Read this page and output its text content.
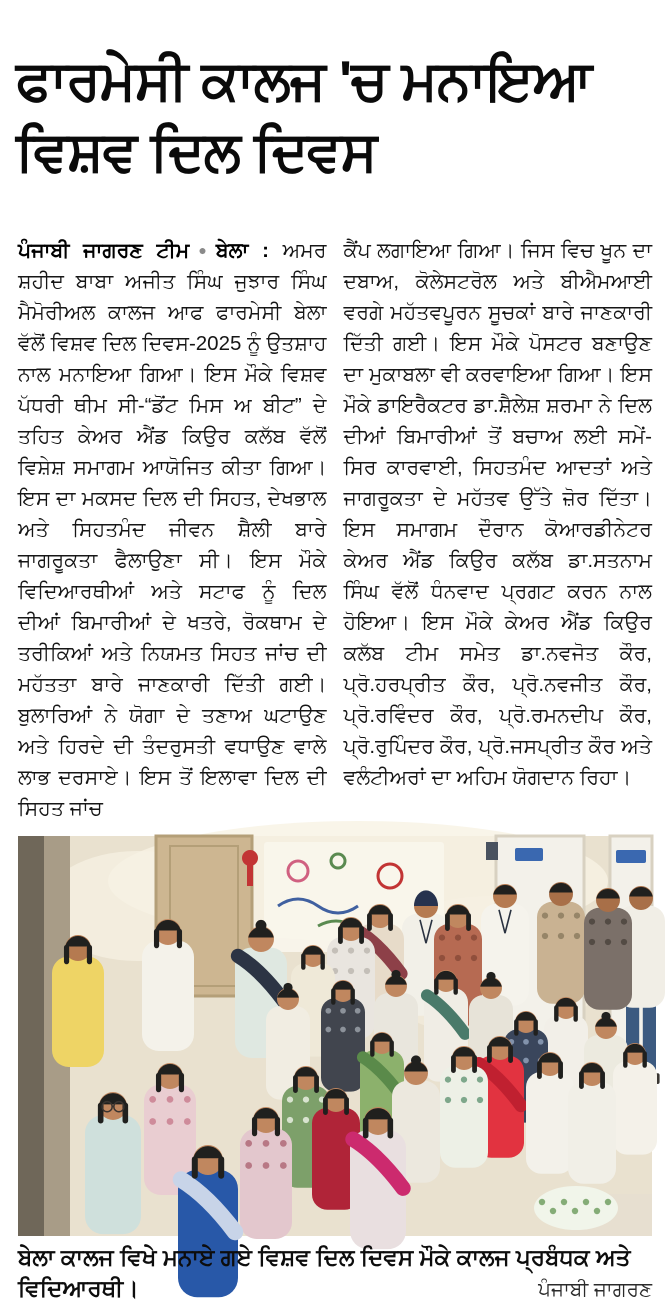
ਫਾਰਮੇਸੀ ਕਾਲਜ 'ਚ ਮਨਾਇਆ ਵਿਸ਼ਵ ਦਿਲ ਦਿਵਸ
ਪੰਜਾਬੀ ਜਾਗਰਣ ਟੀਮ●ਬੇਲਾ : ਅਮਰ ਸ਼ਹੀਦ ਬਾਬਾ ਅਜੀਤ ਸਿੰਘ ਜੁਝਾਰ ਸਿੰਘ ਮੈਮੋਰੀਅਲ ਕਾਲਜ ਆਫ ਫਾਰਮੇਸੀ ਬੇਲਾ ਵੱਲੋਂ ਵਿਸ਼ਵ ਦਿਲ ਦਿਵਸ-2025 ਨੂੰ ਉਤਸ਼ਾਹ ਨਾਲ ਮਨਾਇਆ ਗਿਆ। ਇਸ ਮੌਕੇ ਵਿਸ਼ਵ ਪੱਧਰੀ ਥੀਮ ਸੀ-“ਡੋਂਟ ਮਿਸ ਅ ਬੀਟ” ਦੇ ਤਹਿਤ ਕੇਅਰ ਐਂਡ ਕਿਉਰ ਕਲੱਬ ਵੱਲੋਂ ਵਿਸ਼ੇਸ਼ ਸਮਾਗਮ ਆਯੋਜਿਤ ਕੀਤਾ ਗਿਆ। ਇਸ ਦਾ ਮਕਸਦ ਦਿਲ ਦੀ ਸਿਹਤ, ਦੇਖਭਾਲ ਅਤੇ ਸਿਹਤਮੰਦ ਜੀਵਨ ਸ਼ੈਲੀ ਬਾਰੇ ਜਾਗਰੂਕਤਾ ਫੈਲਾਉਣਾ ਸੀ। ਇਸ ਮੌਕੇ ਵਿਦਿਆਰਥੀਆਂ ਅਤੇ ਸਟਾਫ ਨੂੰ ਦਿਲ ਦੀਆਂ ਬਿਮਾਰੀਆਂ ਦੇ ਖਤਰੇ, ਰੋਕਥਾਮ ਦੇ ਤਰੀਕਿਆਂ ਅਤੇ ਨਿਯਮਤ ਸਿਹਤ ਜਾਂਚ ਦੀ ਮਹੱਤਤਾ ਬਾਰੇ ਜਾਣਕਾਰੀ ਦਿੱਤੀ ਗਈ। ਬੁਲਾਰਿਆਂ ਨੇ ਯੋਗਾ ਦੇ ਤਣਾਅ ਘਟਾਉਣ ਅਤੇ ਹਿਰਦੇ ਦੀ ਤੰਦਰੁਸਤੀ ਵਧਾਉਣ ਵਾਲੇ ਲਾਭ ਦਰਸਾਏ। ਇਸ ਤੋਂ ਇਲਾਵਾ ਦਿਲ ਦੀ ਸਿਹਤ ਜਾਂਚ
ਕੈਂਪ ਲਗਾਇਆ ਗਿਆ। ਜਿਸ ਵਿਚ ਖੂਨ ਦਾ ਦਬਾਅ, ਕੋਲੇਸਟਰੋਲ ਅਤੇ ਬੀਐਮਆਈ ਵਰਗੇ ਮਹੱਤਵਪੂਰਨ ਸੂਚਕਾਂ ਬਾਰੇ ਜਾਣਕਾਰੀ ਦਿੱਤੀ ਗਈ। ਇਸ ਮੌਕੇ ਪੋਸਟਰ ਬਣਾਉਣ ਦਾ ਮੁਕਾਬਲਾ ਵੀ ਕਰਵਾਇਆ ਗਿਆ। ਇਸ ਮੌਕੇ ਡਾਇਰੈਕਟਰ ਡਾ.ਸ਼ੈਲੇਸ਼ ਸ਼ਰਮਾ ਨੇ ਦਿਲ ਦੀਆਂ ਬਿਮਾਰੀਆਂ ਤੋਂ ਬਚਾਅ ਲਈ ਸਮੇਂ-ਸਿਰ ਕਾਰਵਾਈ, ਸਿਹਤਮੰਦ ਆਦਤਾਂ ਅਤੇ ਜਾਗਰੂਕਤਾ ਦੇ ਮਹੱਤਵ ਉੱਤੇ ਜ਼ੋਰ ਦਿੱਤਾ। ਇਸ ਸਮਾਗਮ ਦੌਰਾਨ ਕੋਆਰਡੀਨੇਟਰ ਕੇਅਰ ਐਂਡ ਕਿਉਰ ਕਲੱਬ ਡਾ.ਸਤਨਾਮ ਸਿੰਘ ਵੱਲੋਂ ਧੰਨਵਾਦ ਪ੍ਰਗਟ ਕਰਨ ਨਾਲ ਹੋਇਆ। ਇਸ ਮੌਕੇ ਕੇਅਰ ਐਂਡ ਕਿਉਰ ਕਲੱਬ ਟੀਮ ਸਮੇਤ ਡਾ.ਨਵਜੋਤ ਕੌਰ, ਪ੍ਰੋ.ਹਰਪ੍ਰੀਤ ਕੌਰ, ਪ੍ਰੋ.ਨਵਜੀਤ ਕੌਰ, ਪ੍ਰੋ.ਰਵਿੰਦਰ ਕੌਰ, ਪ੍ਰੋ.ਰਮਨਦੀਪ ਕੌਰ, ਪ੍ਰੋ.ਰੁਪਿੰਦਰ ਕੌਰ, ਪ੍ਰੋ.ਜਸਪ੍ਰੀਤ ਕੌਰ ਅਤੇ ਵਲੰਟੀਅਰਾਂ ਦਾ ਅਹਿਮ ਯੋਗਦਾਨ ਰਿਹਾ।
ਬੇਲਾ ਕਾਲਜ ਵਿਖੇ ਮਨਾਏ ਗਏ ਵਿਸ਼ਵ ਦਿਲ ਦਿਵਸ ਮੌਕੇ ਕਾਲਜ ਪ੍ਰਬੰਧਕ ਅਤੇ
ਵਿਦਿਆਰਥੀ।	ਪੰਜਾਬੀ ਜਾਗਰਣ
